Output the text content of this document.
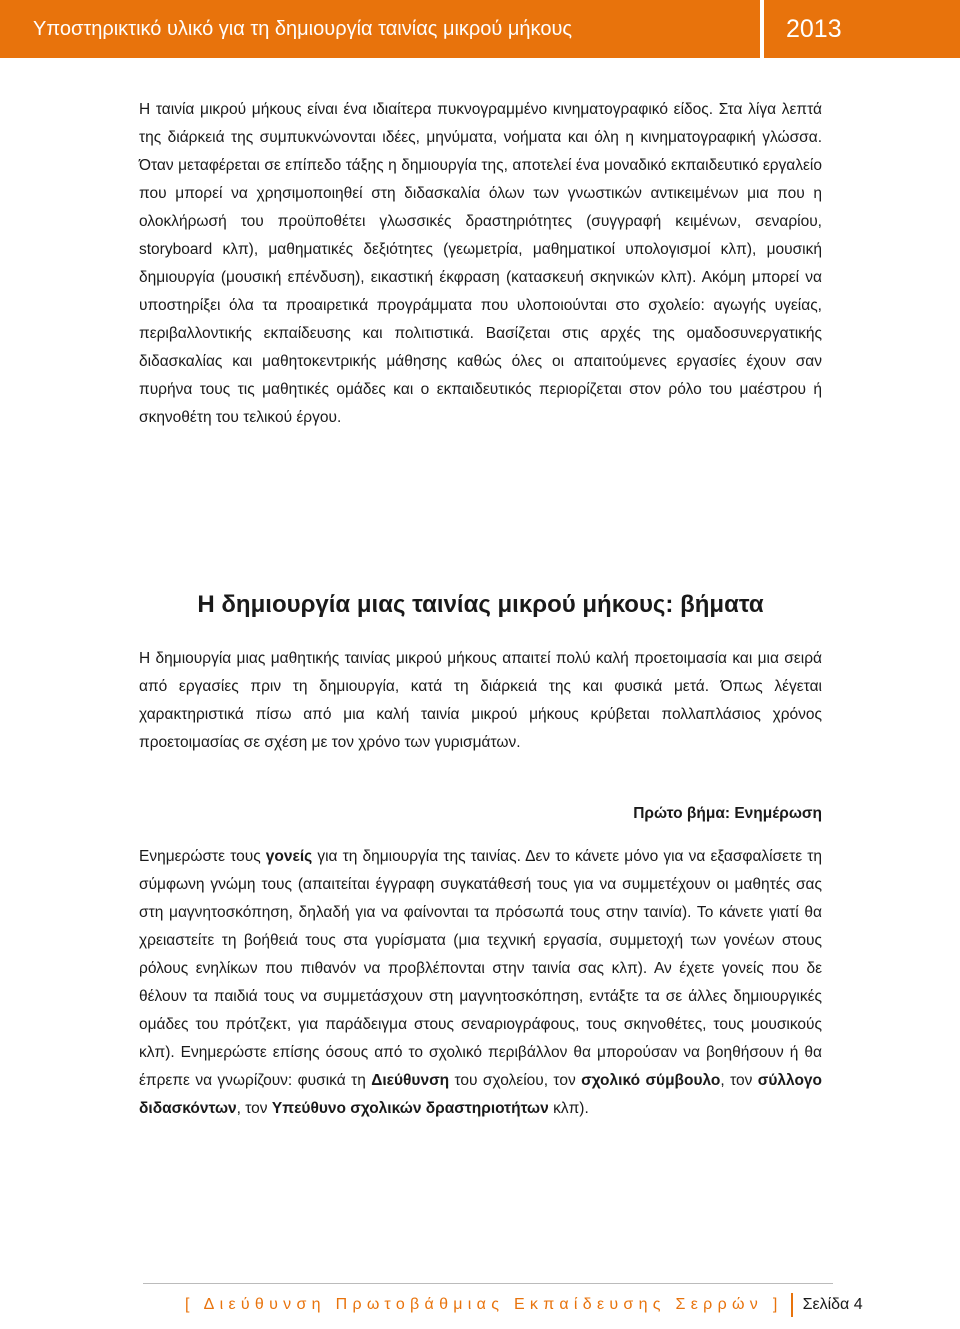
Υποστηρικτικό υλικό για τη δημιουργία ταινίας μικρού μήκους	2013

Η ταινία μικρού μήκους είναι ένα ιδιαίτερα πυκνογραμμένο κινηματογραφικό είδος. Στα λίγα λεπτά της διάρκειά της συμπυκνώνονται ιδέες, μηνύματα, νοήματα και όλη η κινηματογραφική γλώσσα. Όταν μεταφέρεται σε επίπεδο τάξης η δημιουργία της, αποτελεί ένα μοναδικό εκπαιδευτικό εργαλείο που μπορεί να χρησιμοποιηθεί στη διδασκαλία όλων των γνωστικών αντικειμένων μια που η ολοκλήρωσή του προϋποθέτει γλωσσικές δραστηριότητες (συγγραφή κειμένων, σεναρίου, storyboard κλπ), μαθηματικές δεξιότητες (γεωμετρία, μαθηματικοί υπολογισμοί κλπ), μουσική δημιουργία (μουσική επένδυση), εικαστική έκφραση (κατασκευή σκηνικών κλπ). Ακόμη μπορεί να υποστηρίξει όλα τα προαιρετικά προγράμματα που υλοποιούνται στο σχολείο: αγωγής υγείας, περιβαλλοντικής εκπαίδευσης και πολιτιστικά. Βασίζεται στις αρχές της ομαδοσυνεργατικής διδασκαλίας και μαθητοκεντρικής μάθησης καθώς όλες οι απαιτούμενες εργασίες έχουν σαν πυρήνα τους τις μαθητικές ομάδες και ο εκπαιδευτικός περιορίζεται στον ρόλο του μαέστρου ή σκηνοθέτη του τελικού έργου.

Η δημιουργία μιας ταινίας μικρού μήκους: βήματα

Η δημιουργία μιας μαθητικής ταινίας μικρού μήκους απαιτεί πολύ καλή προετοιμασία και μια σειρά από εργασίες πριν τη δημιουργία, κατά τη διάρκειά της και φυσικά μετά. Όπως λέγεται χαρακτηριστικά πίσω από μια καλή ταινία μικρού μήκους κρύβεται πολλαπλάσιος χρόνος προετοιμασίας σε σχέση με τον χρόνο των γυρισμάτων.

Πρώτο βήμα: Ενημέρωση

Ενημερώστε τους γονείς για τη δημιουργία της ταινίας. Δεν το κάνετε μόνο για να εξασφαλίσετε τη σύμφωνη γνώμη τους (απαιτείται έγγραφη συγκατάθεσή τους για να συμμετέχουν οι μαθητές σας στη μαγνητοσκόπηση, δηλαδή για να φαίνονται τα πρόσωπά τους στην ταινία). Το κάνετε γιατί θα χρειαστείτε τη βοήθειά τους στα γυρίσματα (μια τεχνική εργασία, συμμετοχή των γονέων στους ρόλους ενηλίκων που πιθανόν να προβλέπονται στην ταινία σας κλπ). Αν έχετε γονείς που δε θέλουν τα παιδιά τους να συμμετάσχουν στη μαγνητοσκόπηση, εντάξτε τα σε άλλες δημιουργικές ομάδες του πρότζεκτ, για παράδειγμα στους σεναριογράφους, τους σκηνοθέτες, τους μουσικούς κλπ). Ενημερώστε επίσης όσους από το σχολικό περιβάλλον θα μπορούσαν να βοηθήσουν ή θα έπρεπε να γνωρίζουν: φυσικά τη Διεύθυνση του σχολείου, τον σχολικό σύμβουλο, τον σύλλογο διδασκόντων, τον Υπεύθυνο σχολικών δραστηριοτήτων κλπ).

[ Διεύθυνση Πρωτοβάθμιας Εκπαίδευσης Σερρών ] Σελίδα 4
